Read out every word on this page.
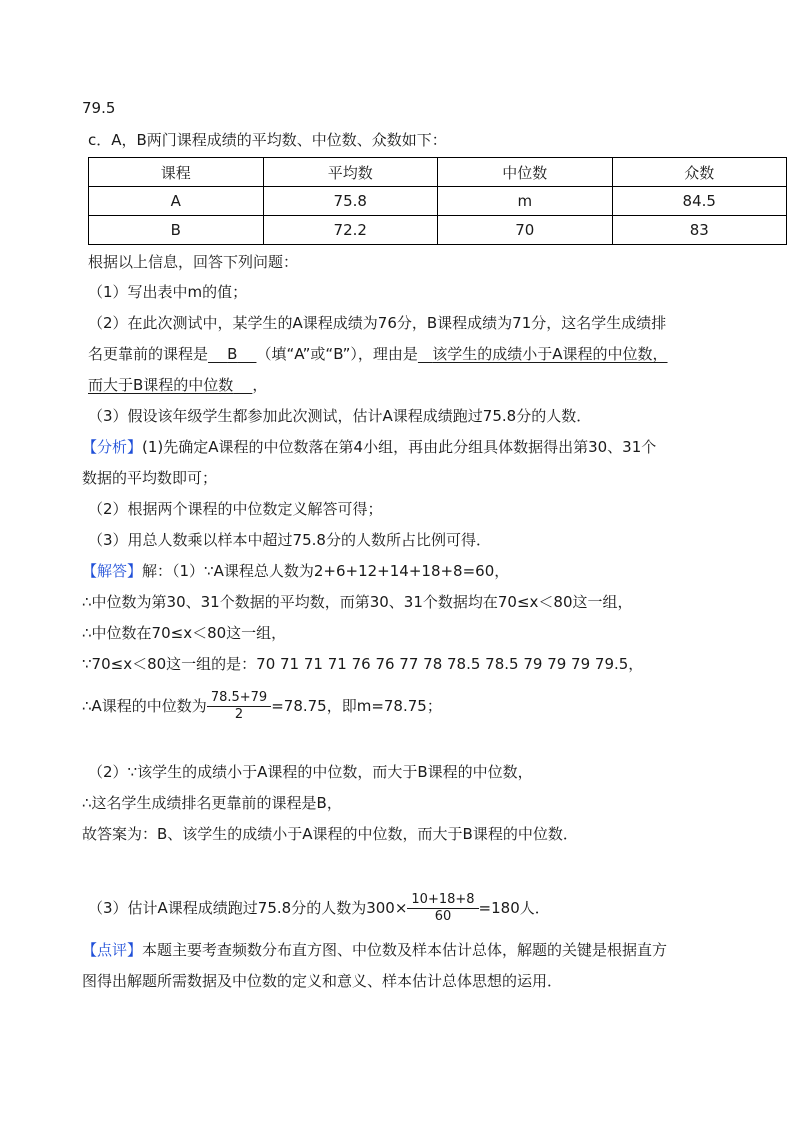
79.5
c．A，B两门课程成绩的平均数、中位数、众数如下：
课程	平均数	中位数	众数
A	75.8	m	84.5
B	72.2	70	83
根据以上信息，回答下列问题：
（1）写出表中m的值；
（2）在此次测试中，某学生的A课程成绩为76分，B课程成绩为71分，这名学生成绩排
名更靠前的课程是 B （填“A”或“B”），理由是 该学生的成绩小于A课程的中位数，
而大于B课程的中位数 ，
（3）假设该年级学生都参加此次测试，估计A课程成绩跑过75.8分的人数．
【分析】(1)先确定A课程的中位数落在第4小组，再由此分组具体数据得出第30、31个
数据的平均数即可；
（2）根据两个课程的中位数定义解答可得；
（3）用总人数乘以样本中超过75.8分的人数所占比例可得．
【解答】解：（1）∵A课程总人数为2+6+12+14+18+8=60，
∴中位数为第30、31个数据的平均数，而第30、31个数据均在70≤x＜80这一组，
∴中位数在70≤x＜80这一组，
∵70≤x＜80这一组的是：70 71 71 71 76 76 77 78 78.5 78.5 79 79 79 79.5，
∴A课程的中位数为 $\frac{78.5+79}{2} =78.75$，即m=78.75；
（2）∵该学生的成绩小于A课程的中位数，而大于B课程的中位数，
∴这名学生成绩排名更靠前的课程是B，
故答案为：B、该学生的成绩小于A课程的中位数，而大于B课程的中位数．
（3）估计A课程成绩跑过75.8分的人数为$300\times \frac{10+18+8}{60} =180$人．
【点评】本题主要考查频数分布直方图、中位数及样本估计总体，解题的关键是根据直方
图得出解题所需数据及中位数的定义和意义、样本估计总体思想的运用．
